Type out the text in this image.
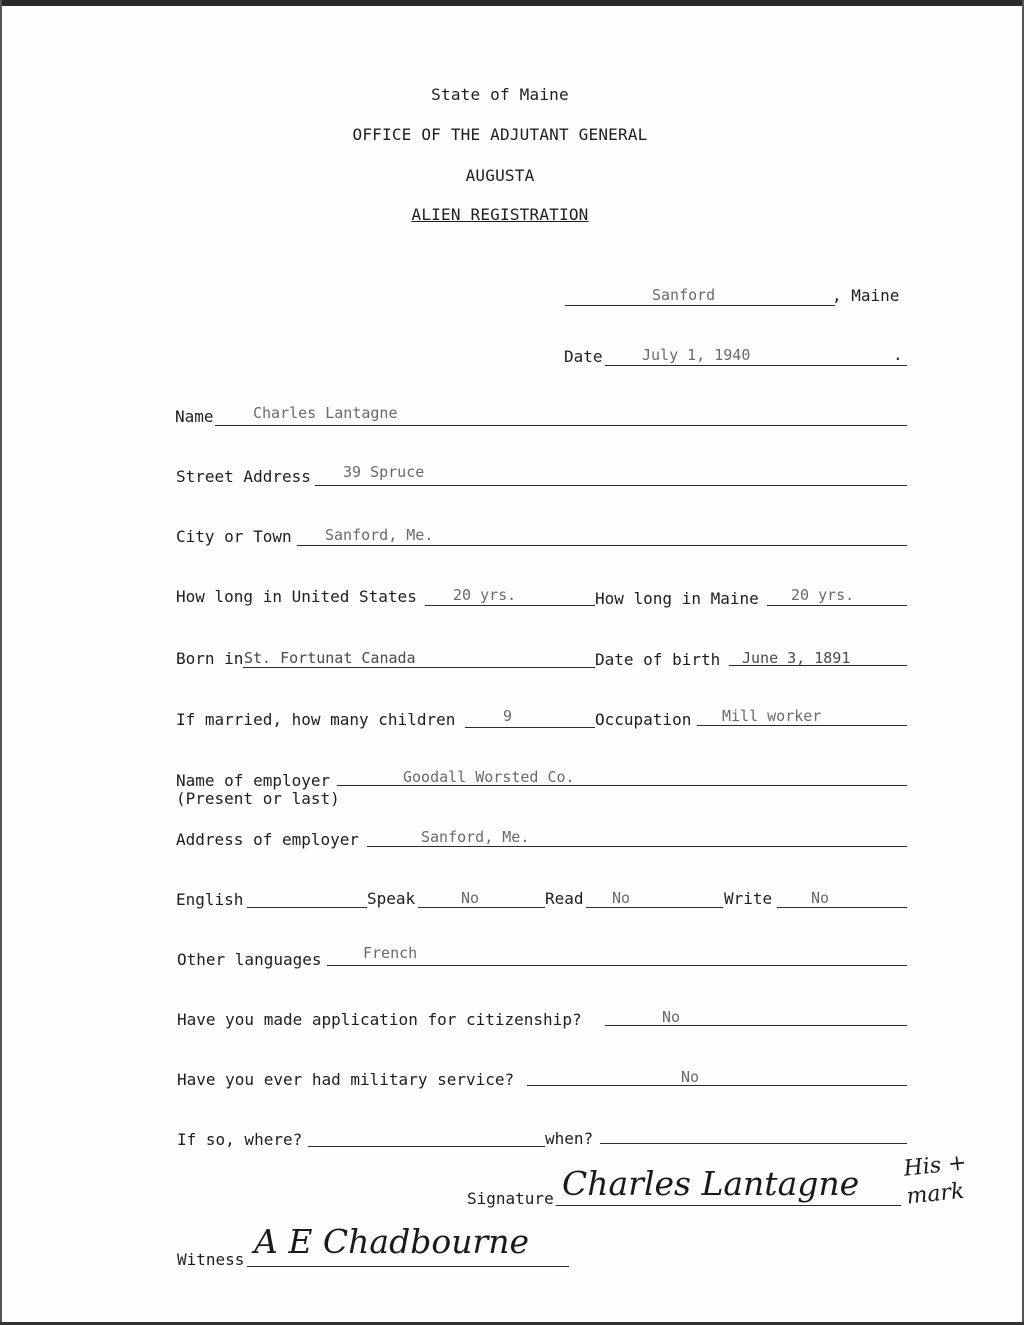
State of Maine
OFFICE OF THE ADJUTANT GENERAL
AUGUSTA
ALIEN REGISTRATION
Sanford	, Maine
Date	July 1, 1940	.
Name	Charles Lantagne
Street Address 39 Spruce
City or Town Sanford, Me.
How long in United States 20 yrs.	How long in Maine 20 yrs.
Born in St. Fortunat Canada	Date of birth June 3, 1891
If married, how many children	9	Occupation Mill worker
Name of employer	Goodall Worsted Co.
(Present or last)
Address of employer	Sanford, Me.
English	Speak	No	Read No	Write	No
Other languages	French
Have you made application for citizenship?	No
Have you ever had military service?	No
If so, where?	when?
Signature Charles Lantagne His + mark
Witness A E Chadbourne
